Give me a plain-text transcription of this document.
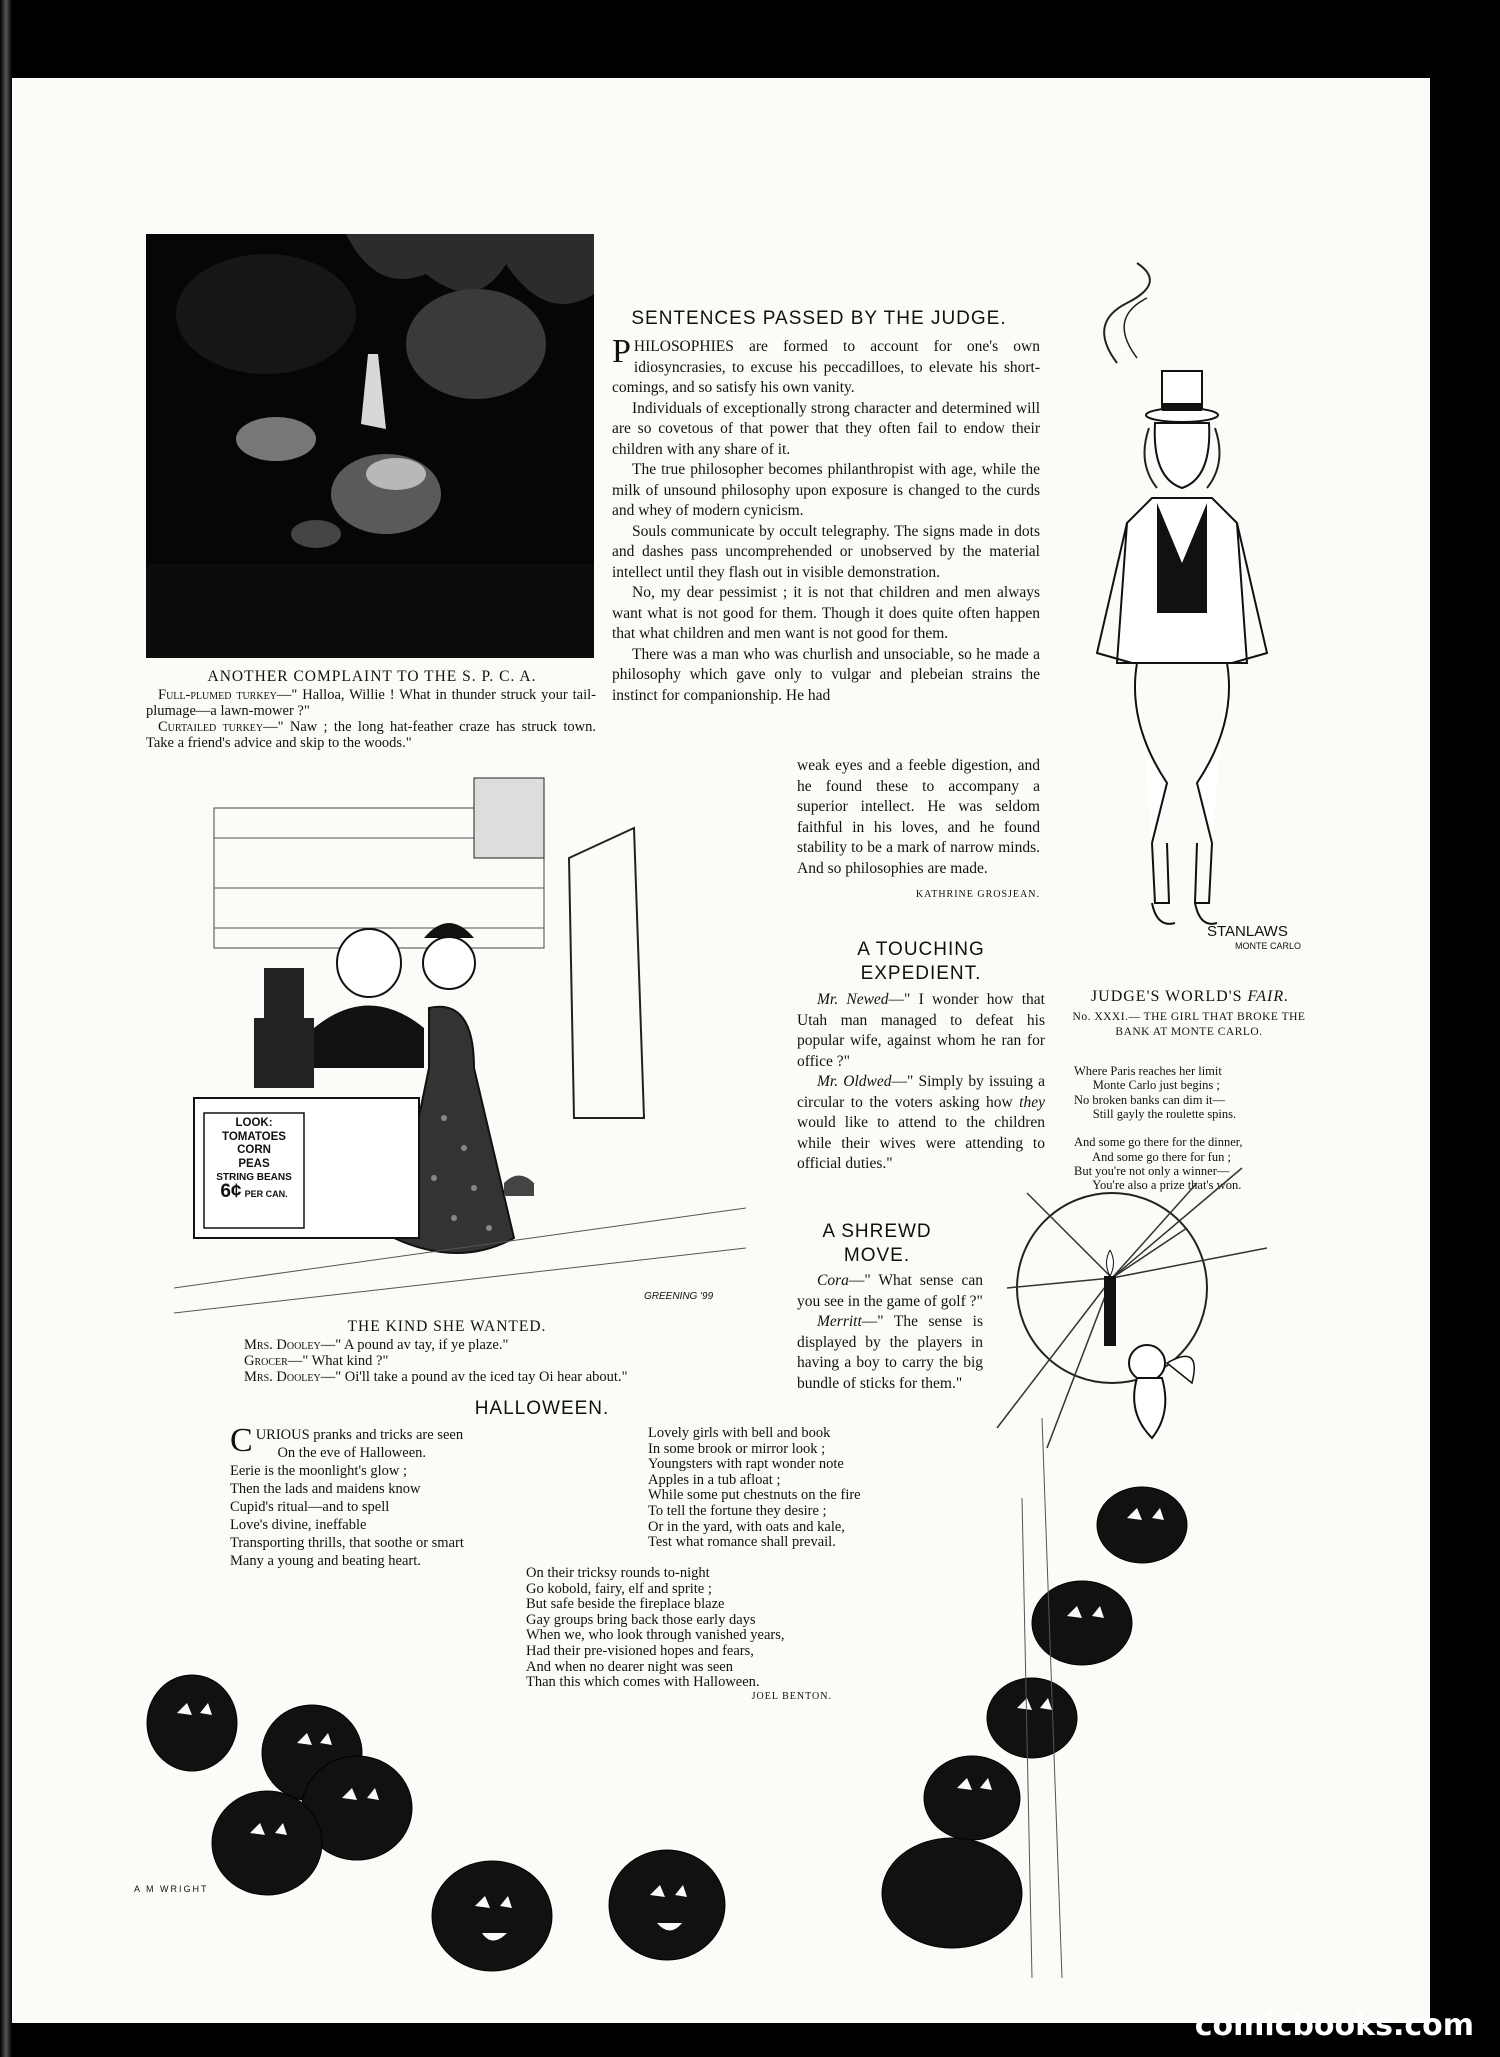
ANOTHER COMPLAINT TO THE S. P. C. A.

Full-plumed turkey—" Halloa, Willie ! What in thunder struck your tail-plumage—a lawn-mower ?"

Curtailed turkey—" Naw ; the long hat-feather craze has struck town. Take a friend's advice and skip to the woods."

SENTENCES PASSED BY THE JUDGE.

PHILOSOPHIES are formed to account for one's own idiosyncrasies, to excuse his peccadilloes, to elevate his short-comings, and so satisfy his own vanity.

Individuals of exceptionally strong character and determined will are so covetous of that power that they often fail to endow their children with any share of it.

The true philosopher becomes philanthropist with age, while the milk of unsound philosophy upon exposure is changed to the curds and whey of modern cynicism.

Souls communicate by occult telegraphy. The signs made in dots and dashes pass uncomprehended or unobserved by the material intellect until they flash out in visible demonstration.

No, my dear pessimist ; it is not that children and men always want what is not good for them. Though it does quite often happen that what children and men want is not good for them.

There was a man who was churlish and unsociable, so he made a philosophy which gave only to vulgar and plebeian strains the instinct for companionship. He had

weak eyes and a feeble digestion, and he found these to accompany a superior intellect. He was seldom faithful in his loves, and he found stability to be a mark of narrow minds. And so philosophies are made.

KATHRINE GROSJEAN.
STANLAWS
MONTE CARLO
JUDGE'S WORLD'S FAIR.
No. XXXI.— THE GIRL THAT BROKE THE BANK AT MONTE CARLO.
Where Paris reaches her limit
Monte Carlo just begins ;
No broken banks can dim it—
Still gayly the roulette spins.

And some go there for the dinner,
And some go there for fun ;
But you're not only a winner—
You're also a prize that's won.
A TOUCHING EXPEDIENT.

Mr. Newed—" I wonder how that Utah man managed to defeat his popular wife, against whom he ran for office ?"

Mr. Oldwed—" Simply by issuing a circular to the voters asking how they would like to attend to the children while their wives were attending to official duties."

A SHREWD MOVE.

Cora—" What sense can you see in the game of golf ?"

Merritt—" The sense is displayed by the players in having a boy to carry the big bundle of sticks for them."

LOOK:
TOMATOES
CORN
PEAS
STRING BEANS
6¢ PER CAN.
GREENING '99
THE KIND SHE WANTED.
Mrs. Dooley—" A pound av tay, if ye plaze."
Grocer—" What kind ?"
Mrs. Dooley—" Oi'll take a pound av the iced tay Oi hear about."
HALLOWEEN.
CURIOUS pranks and tricks are seen
On the eve of Halloween.
Eerie is the moonlight's glow ;
Then the lads and maidens know
Cupid's ritual—and to spell
Love's divine, ineffable
Transporting thrills, that soothe or smart
Many a young and beating heart.
Lovely girls with bell and book
In some brook or mirror look ;
Youngsters with rapt wonder note
Apples in a tub afloat ;
While some put chestnuts on the fire
To tell the fortune they desire ;
Or in the yard, with oats and kale,
Test what romance shall prevail.
On their tricksy rounds to-night
Go kobold, fairy, elf and sprite ;
But safe beside the fireplace blaze
Gay groups bring back those early days
When we, who look through vanished years,
Had their pre-visioned hopes and fears,
And when no dearer night was seen
Than this which comes with Halloween.
JOEL BENTON.
A M WRIGHT
comicbooks.com
